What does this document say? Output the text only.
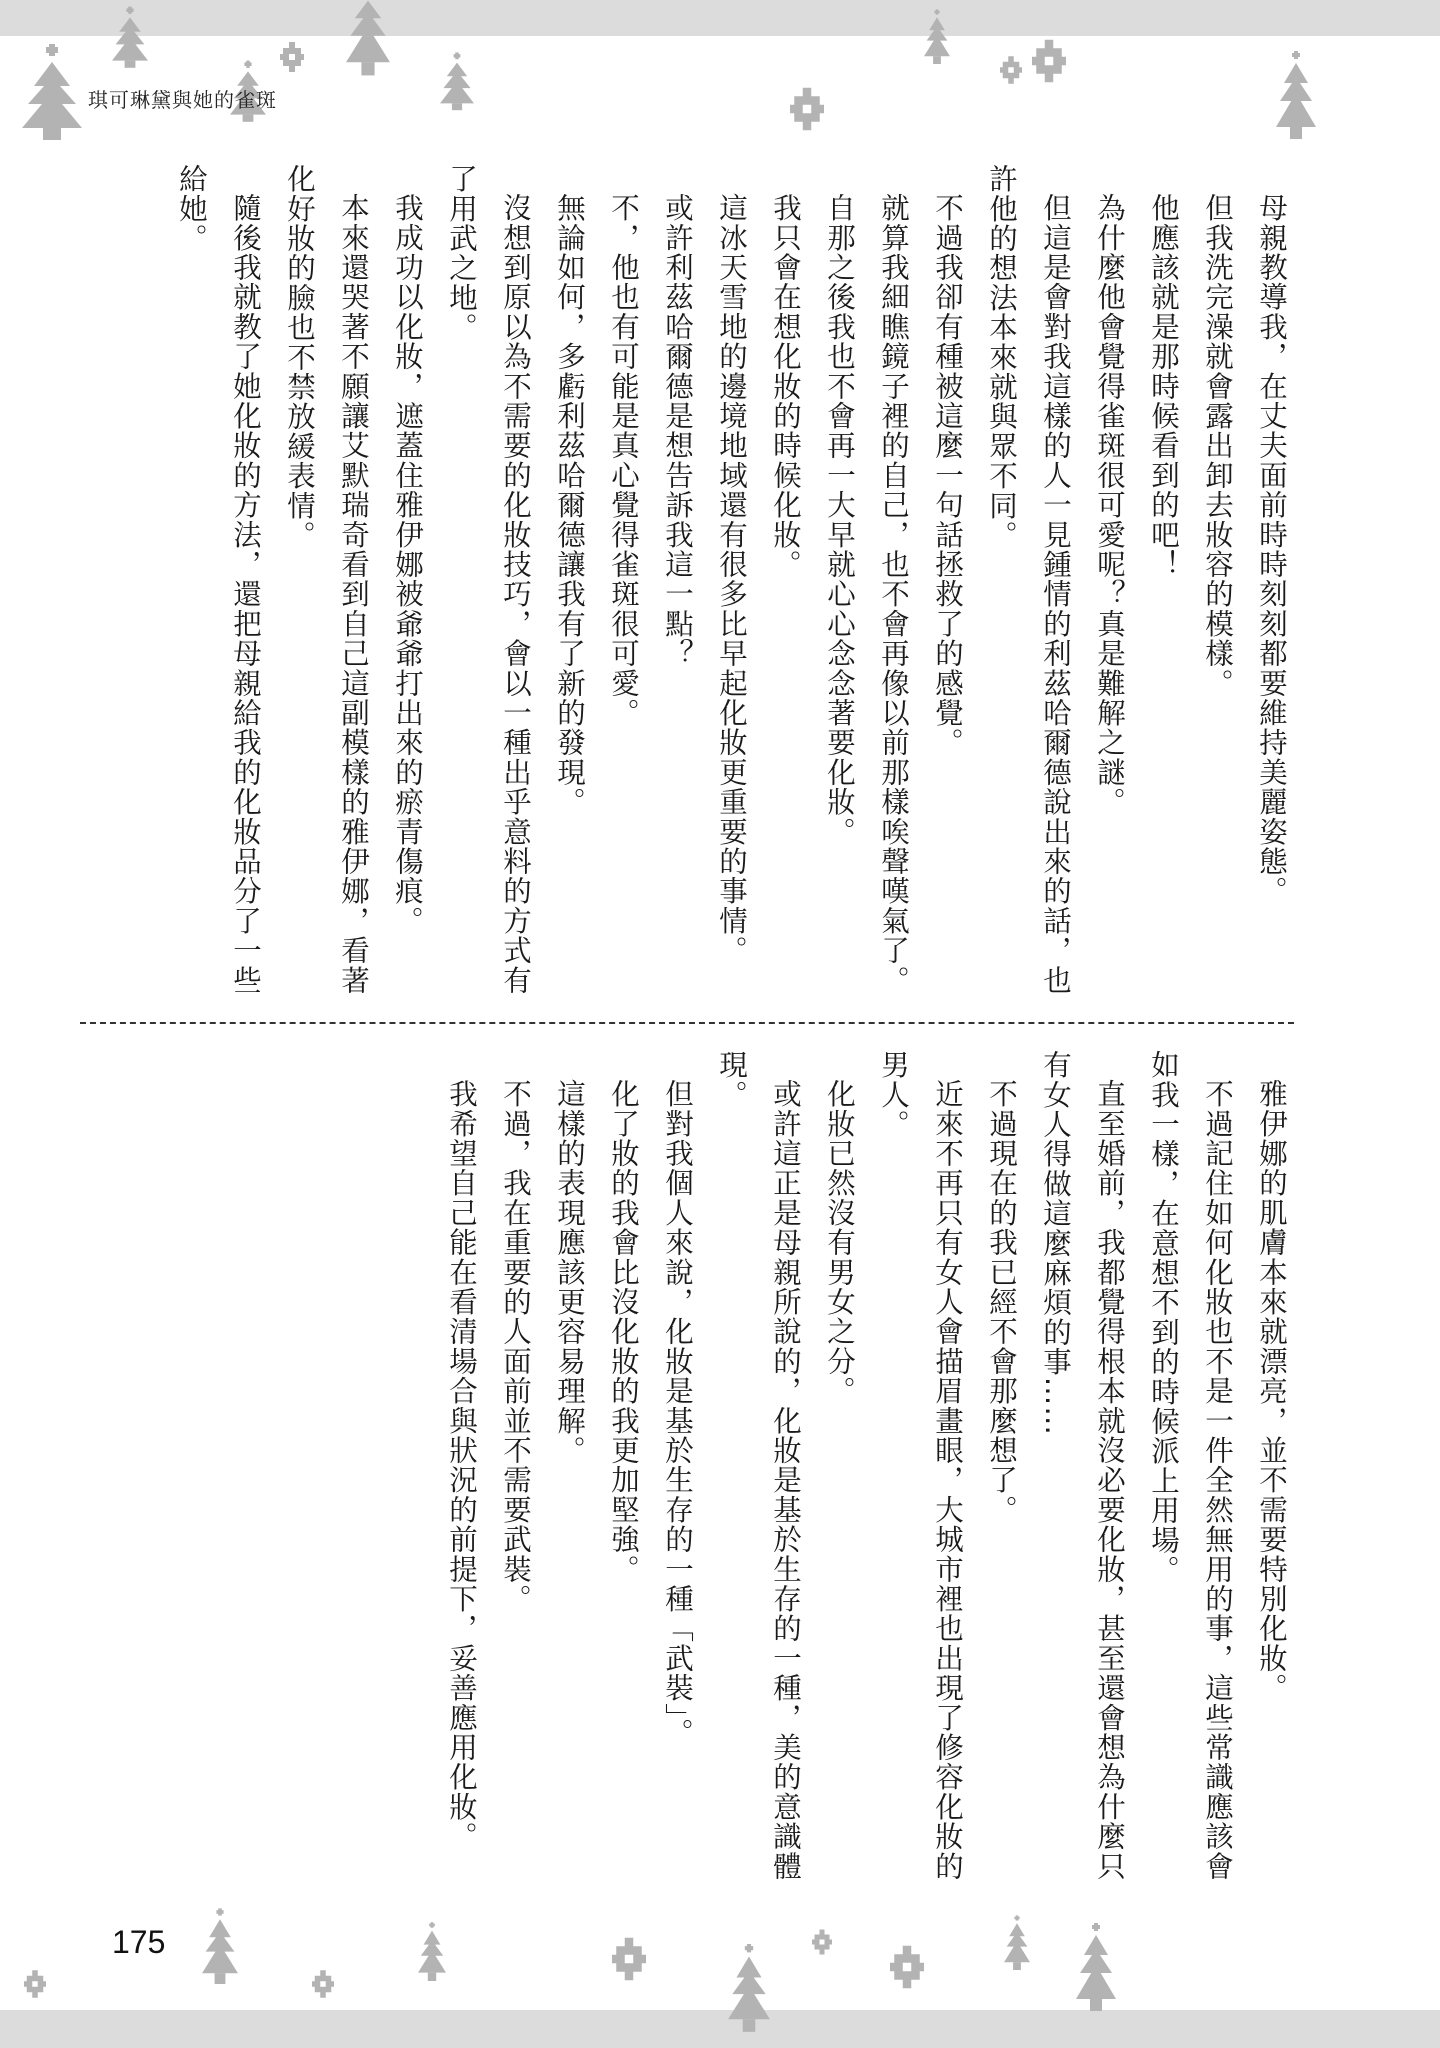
琪可琳黛與她的雀斑

母親教導我，在丈夫面前時時刻刻都要維持美麗姿態。

但我洗完澡就會露出卸去妝容的模樣。

他應該就是那時候看到的吧！

為什麼他會覺得雀斑很可愛呢？真是難解之謎。

但這是會對我這樣的人一見鍾情的利茲哈爾德說出來的話，也許他的想法本來就與眾不同。

不過我卻有種被這麼一句話拯救了的感覺。

就算我細瞧鏡子裡的自己，也不會再像以前那樣唉聲嘆氣了。

自那之後我也不會再一大早就心心念念著要化妝。

我只會在想化妝的時候化妝。

這冰天雪地的邊境地域還有很多比早起化妝更重要的事情。

或許利茲哈爾德是想告訴我這一點？

不，他也有可能是真心覺得雀斑很可愛。

無論如何，多虧利茲哈爾德讓我有了新的發現。

沒想到原以為不需要的化妝技巧，會以一種出乎意料的方式有了用武之地。

我成功以化妝，遮蓋住雅伊娜被爺爺打出來的瘀青傷痕。

本來還哭著不願讓艾默瑞奇看到自己這副模樣的雅伊娜，看著化好妝的臉也不禁放緩表情。

隨後我就教了她化妝的方法，還把母親給我的化妝品分了一些給她。

雅伊娜的肌膚本來就漂亮，並不需要特別化妝。

不過記住如何化妝也不是一件全然無用的事，這些常識應該會如我一樣，在意想不到的時候派上用場。

直至婚前，我都覺得根本就沒必要化妝，甚至還會想為什麼只有女人得做這麼麻煩的事……

不過現在的我已經不會那麼想了。

近來不再只有女人會描眉畫眼，大城市裡也出現了修容化妝的男人。

化妝已然沒有男女之分。

或許這正是母親所說的，化妝是基於生存的一種，美的意識體現。

但對我個人來說，化妝是基於生存的一種「武裝」。

化了妝的我會比沒化妝的我更加堅強。

這樣的表現應該更容易理解。

不過，我在重要的人面前並不需要武裝。

我希望自己能在看清場合與狀況的前提下，妥善應用化妝。

175
